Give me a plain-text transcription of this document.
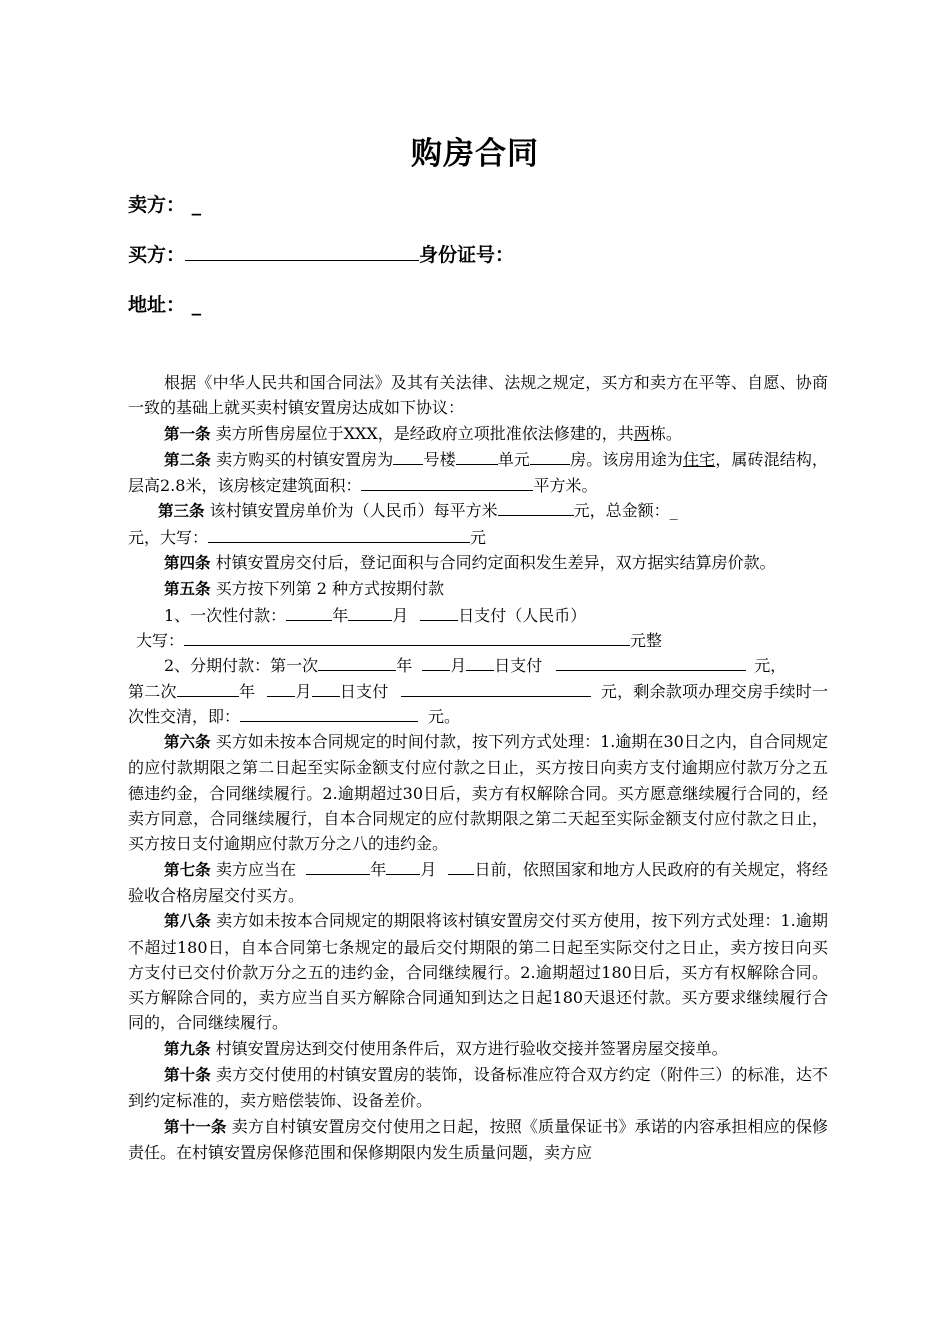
购房合同
卖方： _
买方：	身份证号：
地址： _

根据《中华人民共和国合同法》及其有关法律、法规之规定，买方和卖方在平等、自愿、协商一致的基础上就买卖村镇安置房达成如下协议：

第一条 卖方所售房屋位于XXX，是经政府立项批准依法修建的，共两栋。

第二条 卖方购买的村镇安置房为 号楼	单元	房。该房用途为住宅，属砖混结构，层高2.8米，该房核定建筑面积：	平方米。

第三条 该村镇安置房单价为（人民币）每平方米	元，总金额：_
元，大写：	元

第四条 村镇安置房交付后，登记面积与合同约定面积发生差异，双方据实结算房价款。

第五条 买方按下列第 2 种方式按期付款

1、一次性付款：	年	月	日支付（人民币）

大写：	元整

2、分期付款：第一次	年 月 日支付	元，
第二次	年	月 日支付	元，剩余款项办理交房手续时一次性交清，即：	元。

第六条 买方如未按本合同规定的时间付款，按下列方式处理：1.逾期在30日之内，自合同规定的应付款期限之第二日起至实际金额支付应付款之日止，买方按日向卖方支付逾期应付款万分之五德违约金，合同继续履行。2.逾期超过30日后，卖方有权解除合同。买方愿意继续履行合同的，经卖方同意，合同继续履行，自本合同规定的应付款期限之第二天起至实际金额支付应付款之日止，买方按日支付逾期应付款万分之八的违约金。

第七条 卖方应当在	年 月 日前，依照国家和地方人民政府的有关规定，将经验收合格房屋交付买方。

第八条 卖方如未按本合同规定的期限将该村镇安置房交付买方使用，按下列方式处理：1.逾期不超过180日，自本合同第七条规定的最后交付期限的第二日起至实际交付之日止，卖方按日向买方支付已交付价款万分之五的违约金，合同继续履行。2.逾期超过180日后，买方有权解除合同。买方解除合同的，卖方应当自买方解除合同通知到达之日起180天退还付款。买方要求继续履行合同的，合同继续履行。

第九条 村镇安置房达到交付使用条件后，双方进行验收交接并签署房屋交接单。

第十条 卖方交付使用的村镇安置房的装饰，设备标准应符合双方约定（附件三）的标准，达不到约定标准的，卖方赔偿装饰、设备差价。

第十一条 卖方自村镇安置房交付使用之日起，按照《质量保证书》承诺的内容承担相应的保修责任。在村镇安置房保修范围和保修期限内发生质量问题，卖方应
